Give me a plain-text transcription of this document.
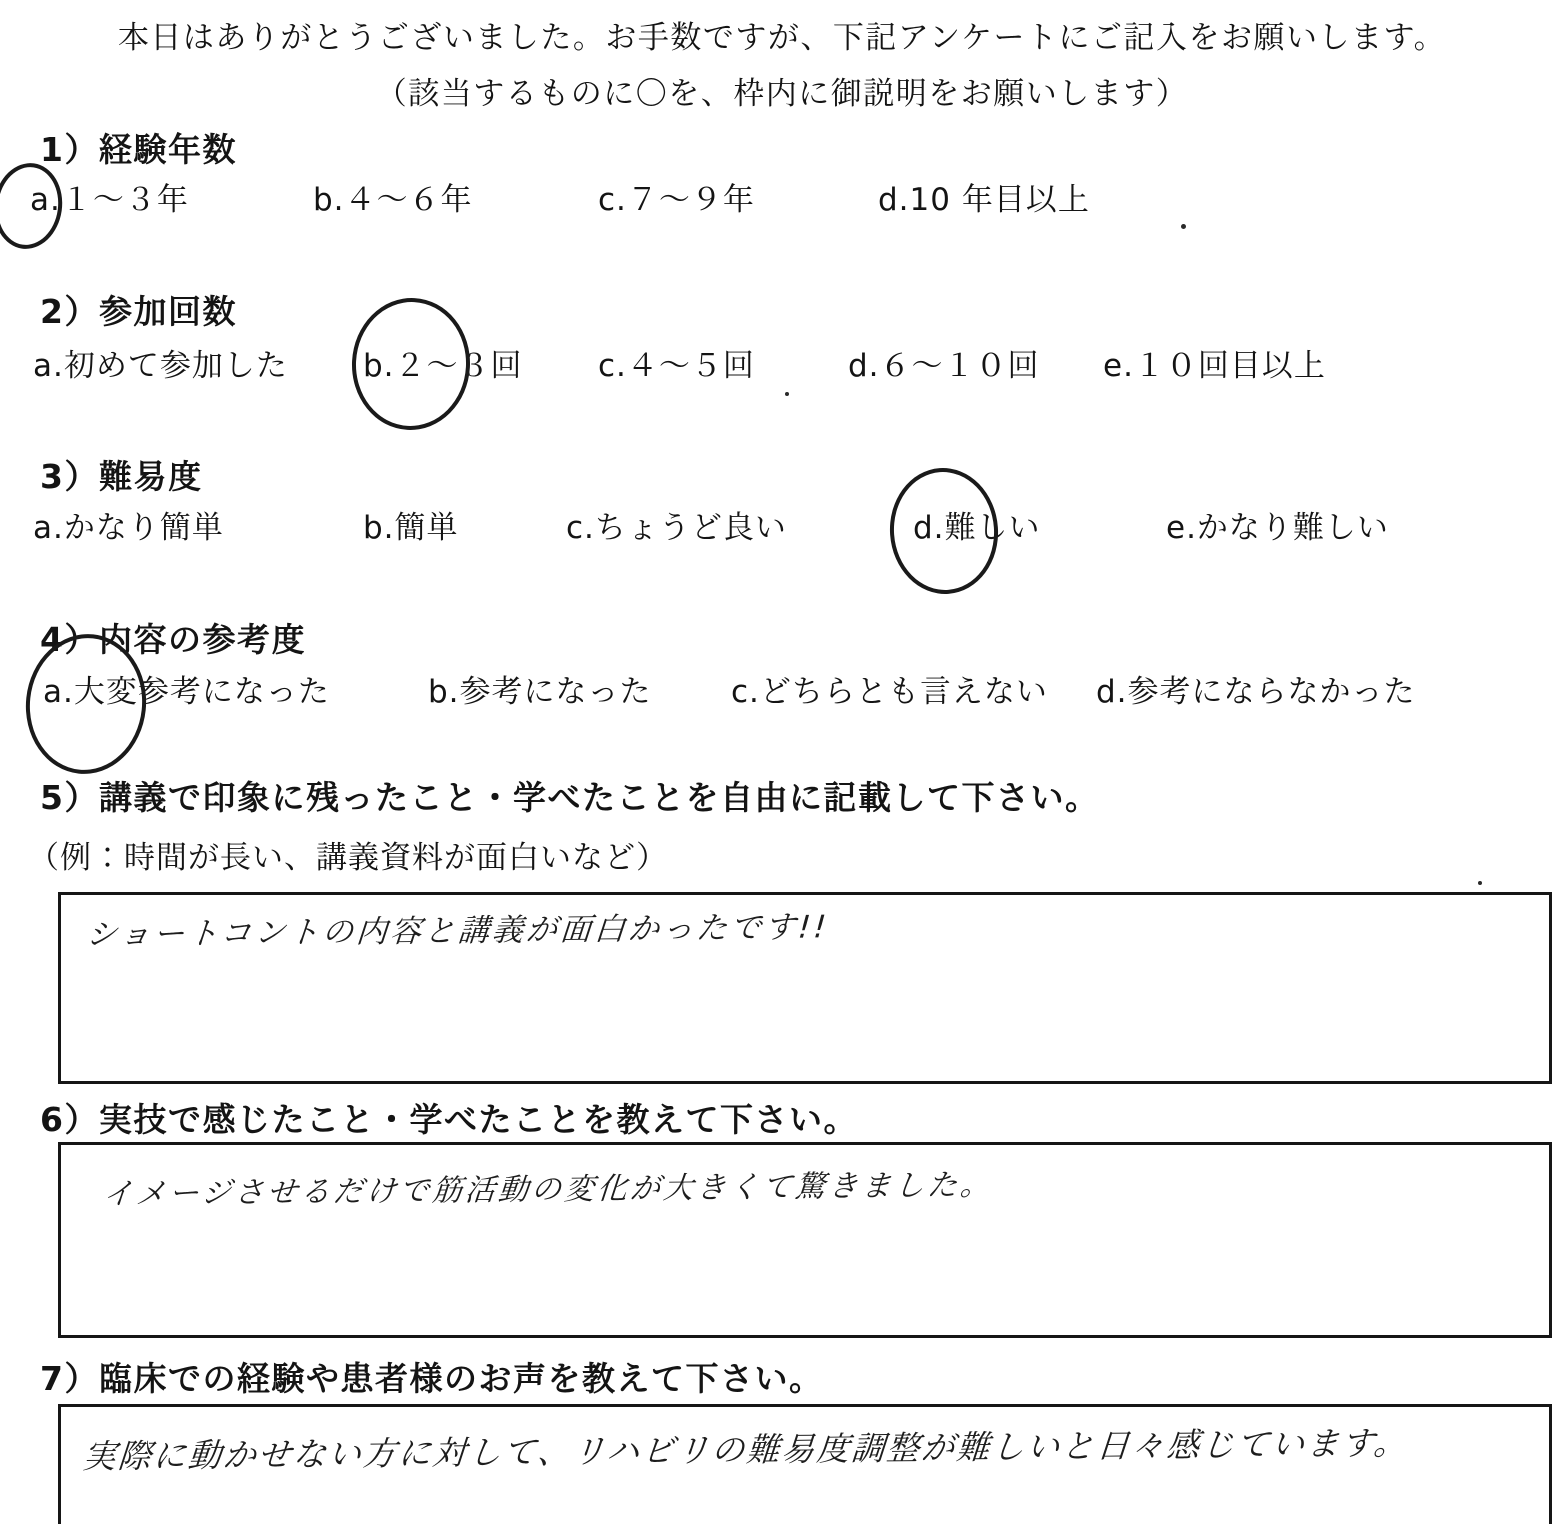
本日はありがとうございました。お手数ですが、下記アンケートにご記入をお願いします。
（該当するものに〇を、枠内に御説明をお願いします）
1）経験年数
a.１～３年	b.４～６年	c.７～９年	d.10 年目以上
2）参加回数
a.初めて参加した b.２～３回 c.４～５回	d.６～１０回 e.１０回目以上
3）難易度
a.かなり簡単	b.簡単	c.ちょうど良い	d.難しい	e.かなり難しい
4）内容の参考度
a.大変参考になった	b.参考になった	c.どちらとも言えない d.参考にならなかった
5）講義で印象に残ったこと・学べたことを自由に記載して下さい。
（例：時間が長い、講義資料が面白いなど）
ショートコントの内容と講義が面白かったです!!
6）実技で感じたこと・学べたことを教えて下さい。
イメージさせるだけで筋活動の変化が大きくて驚きました。
7）臨床での経験や患者様のお声を教えて下さい。
実際に動かせない方に対して、リハビリの難易度調整が難しいと日々感じています。
